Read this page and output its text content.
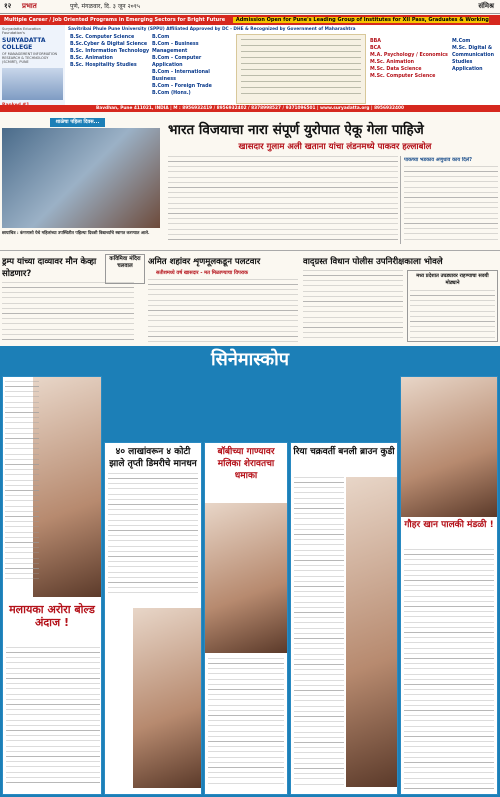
१२ प्रभात	पुणे, मंगळवार, दि. ३ जून २०१५	संमिश्र
Multiple Career / Job Oriented Programs in Emerging Sectors for Bright Future Admission Open for Pune's Leading Group of Institutes for XII Pass, Graduates & Working
Suryadatta Education Foundation's
SURYADATTA COLLEGE
OF MANAGEMENT INFORMATION RESEARCH & TECHNOLOGY (SCMIRT), PUNE
Savitribai Phule Pune University (SPPU) Affiliated Approved by DC - DHE & Recognized by Government of Maharashtra
B.Sc. Computer Science
B.Sc.Cyber & Digital Science
B.Sc. Information Technology
B.Sc. Animation
B.Sc. Hospitality Studies
B.Com
B.Com - Business Management
B.Com - Computer Application
B.Com - International Business
B.Com - Foreign Trade
B.Com (Hons.)
BBA
BCA
M.A. Psychology / Economics
M.Sc. Animation
M.Sc. Data Science
M.Sc. Computer Science
M.Com
M.Sc. Digital & Communication Studies
Application
Bavdhan, Pune 411021, INDIA | M : 8956932419 / 8956932402 / 8378998527 / 9371096501 | www.suryadatta.org | 8956932400
शाळेचा पहिला दिवस...
छायाचित्र : कंगणासो येथे महिलांच्या उपस्थितीत पहिल्या दिवशी विद्यार्थ्यांचे स्वागत करण्यात आले.
भारत विजयाचा नारा संपूर्ण युरोपात ऐकू गेला पाहिजे
खासदार गुलाम अली खताना यांचा लंडनमध्ये पाकवर हल्लाबोल
पाकच्या भडकाव अणुधाव काय दिले?
ड्रम्प यांच्या दाव्यावर मौन केव्हा सोडणार?
कविमिवा मंदिरा चलवाल	अमित शहांवर शृणमूलकडून पलटवार
सतीशमध्ये वर्ष खासदार - मत मिळाण्याचा विपराक
वाद्ग्रस्त विधान पोलीस उपनिरीक्षकाला भोवले
मध्य प्रदेशात उघड्यावर राहण्याचा सवयी मोठ्याने
सिनेमास्कोप
मलायका अरोरा बोल्ड अंदाज !
४० लाखांवरून ४ कोटी झाले तृप्ती डिमरीचे मानधन
बॉबीच्या गाण्यावर मलिका शेरावतचा धमाका
रिया चक्रवर्ती बनली ब्राउन कुडी
गौहर खान पालकी मंडळी !
